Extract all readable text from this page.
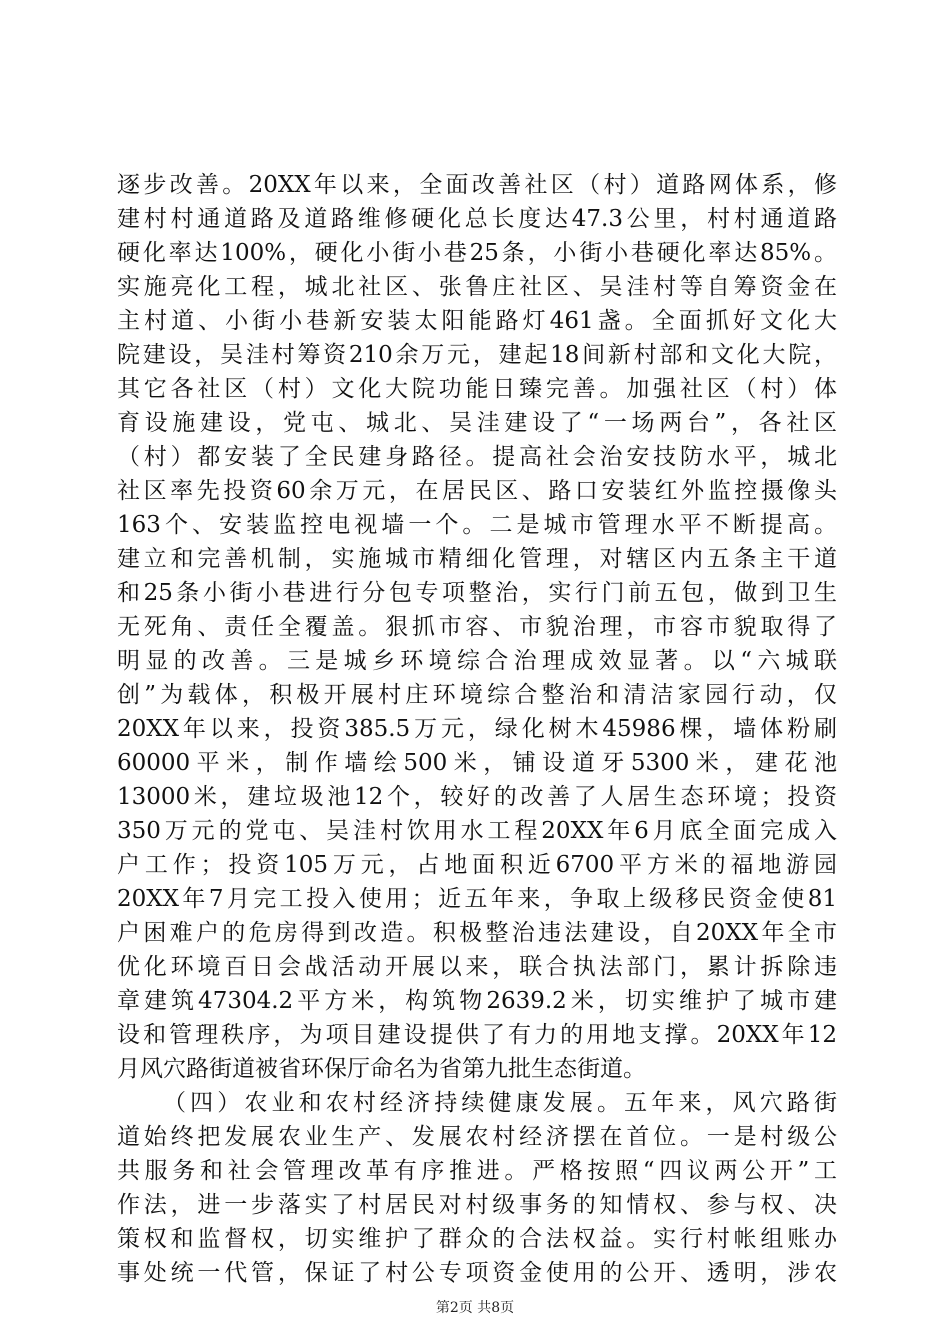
逐步改善。20XX年以来，全面改善社区（村）道路网体系，修
建村村通道路及道路维修硬化总长度达47.3公里，村村通道路
硬化率达100%，硬化小街小巷25条，小街小巷硬化率达85%。
实施亮化工程，城北社区、张鲁庄社区、吴洼村等自筹资金在
主村道、小街小巷新安装太阳能路灯461盏。全面抓好文化大
院建设，吴洼村筹资210余万元，建起18间新村部和文化大院，
其它各社区（村）文化大院功能日臻完善。加强社区（村）体
育设施建设，党屯、城北、吴洼建设了“一场两台”，各社区
（村）都安装了全民建身路径。提高社会治安技防水平，城北
社区率先投资60余万元，在居民区、路口安装红外监控摄像头
163个、安装监控电视墙一个。二是城市管理水平不断提高。
建立和完善机制，实施城市精细化管理，对辖区内五条主干道
和25条小街小巷进行分包专项整治，实行门前五包，做到卫生
无死角、责任全覆盖。狠抓市容、市貌治理，市容市貌取得了
明显的改善。三是城乡环境综合治理成效显著。以“六城联
创”为载体，积极开展村庄环境综合整治和清洁家园行动，仅
20XX年以来，投资385.5万元，绿化树木45986棵，墙体粉刷
60000平米，制作墙绘500米，铺设道牙5300米，建花池
13000米，建垃圾池12个，较好的改善了人居生态环境；投资
350万元的党屯、吴洼村饮用水工程20XX年6月底全面完成入
户工作；投资105万元，占地面积近6700平方米的福地游园
20XX年7月完工投入使用；近五年来，争取上级移民资金使81
户困难户的危房得到改造。积极整治违法建设，自20XX年全市
优化环境百日会战活动开展以来，联合执法部门，累计拆除违
章建筑47304.2平方米，构筑物2639.2米，切实维护了城市建
设和管理秩序，为项目建设提供了有力的用地支撑。20XX年12
月风穴路街道被省环保厅命名为省第九批生态街道。
（四）农业和农村经济持续健康发展。五年来，风穴路街
道始终把发展农业生产、发展农村经济摆在首位。一是村级公
共服务和社会管理改革有序推进。严格按照“四议两公开”工
作法，进一步落实了村居民对村级事务的知情权、参与权、决
策权和监督权，切实维护了群众的合法权益。实行村帐组账办
事处统一代管，保证了村公专项资金使用的公开、透明，涉农
第2页 共8页
